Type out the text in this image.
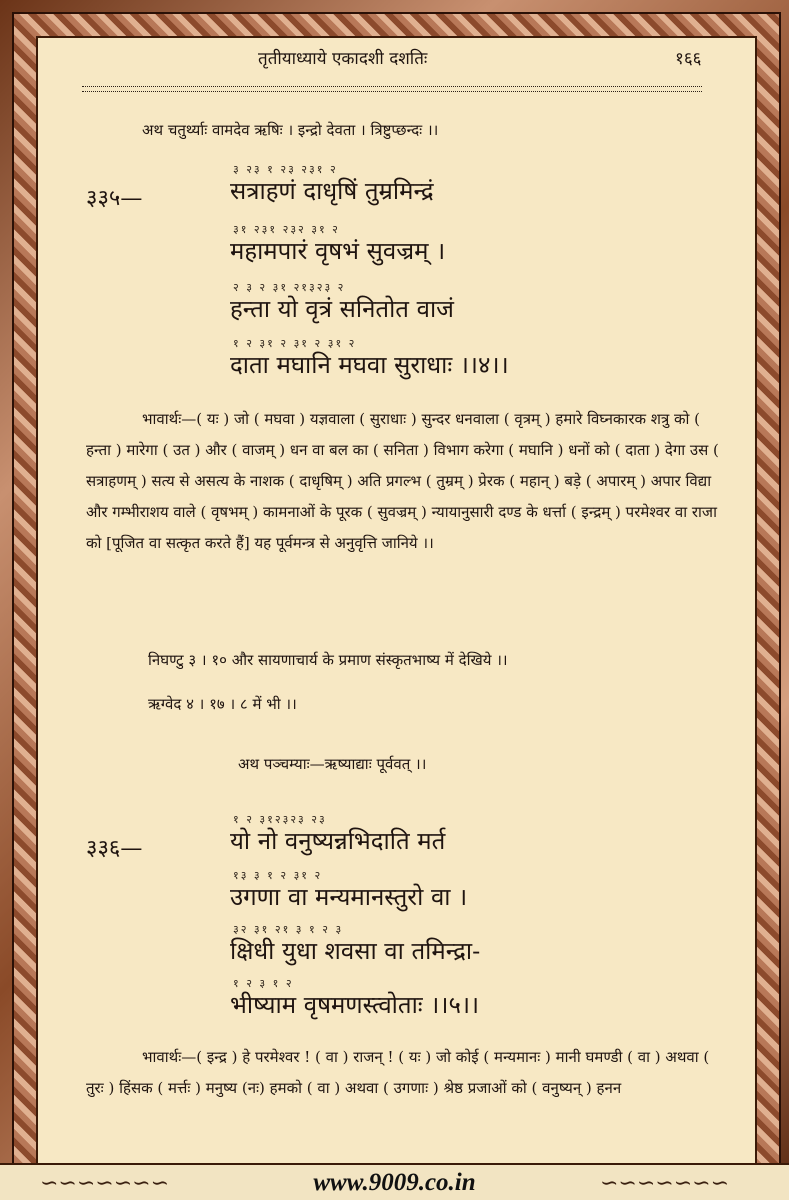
तृतीयाध्याये एकादशी दशतिः	१६६
अथ चतुर्थ्याः वामदेव ऋषिः । इन्द्रो देवता । त्रिष्टुप्छन्दः ।।
३३५—
३ २३ १ २३ २३१ २
सत्राहणं दाधृषिं तुम्रमिन्द्रं
३१ २३१ २३२ ३१ २
महामपारं वृषभं सुवज्रम् ।
२ ३ २ ३१ २१३२३ २
हन्ता यो वृत्रं सनितोत वाजं
१ २ ३१ २ ३१ २ ३१ २
दाता मघानि मघवा सुराधाः ।।४।।
भावार्थः—( यः ) जो ( मघवा ) यज्ञवाला ( सुराधाः ) सुन्दर धनवाला ( वृत्रम् ) हमारे विघ्नकारक शत्रु को ( हन्ता ) मारेगा ( उत ) और ( वाजम् ) धन वा बल का ( सनिता ) विभाग करेगा ( मघानि ) धनों को ( दाता ) देगा उस ( सत्राहणम् ) सत्य से असत्य के नाशक ( दाधृषिम् ) अति प्रगल्भ ( तुम्रम् ) प्रेरक ( महान् ) बड़े ( अपारम् ) अपार विद्या और गम्भीराशय वाले ( वृषभम् ) कामनाओं के पूरक ( सुवज्रम् ) न्यायानुसारी दण्ड के धर्त्ता ( इन्द्रम् ) परमेश्वर वा राजा को [पूजित वा सत्कृत करते हैं] यह पूर्वमन्त्र से अनुवृत्ति जानिये ।।
निघण्टु ३ । १० और सायणाचार्य के प्रमाण संस्कृतभाष्य में देखिये ।।
ऋग्वेद ४ । १७ । ८ में भी ।।
अथ पञ्चम्याः—ऋष्याद्याः पूर्ववत् ।।
३३६—
१ २ ३१२३२३ २३
यो नो वनुष्यन्नभिदाति मर्त
१३ ३ १ २ ३१ २
उगणा वा मन्यमानस्तुरो वा ।
३२ ३१ २१ ३ १ २ ३
क्षिधी युधा शवसा वा तमिन्द्रा-
१ २ ३ १ २
भीष्याम वृषमणस्त्वोताः ।।५।।
भावार्थः—( इन्द्र ) हे परमेश्वर ! ( वा ) राजन् ! ( यः ) जो कोई ( मन्यमानः ) मानी घमण्डी ( वा ) अथवा ( तुरः ) हिंसक ( मर्त्तः ) मनुष्य (नः) हमको ( वा ) अथवा ( उगणाः ) श्रेष्ठ प्रजाओं को ( वनुष्यन् ) हनन
∽∽∽∽∽∽∽	www.9009.co.in	∽∽∽∽∽∽∽
